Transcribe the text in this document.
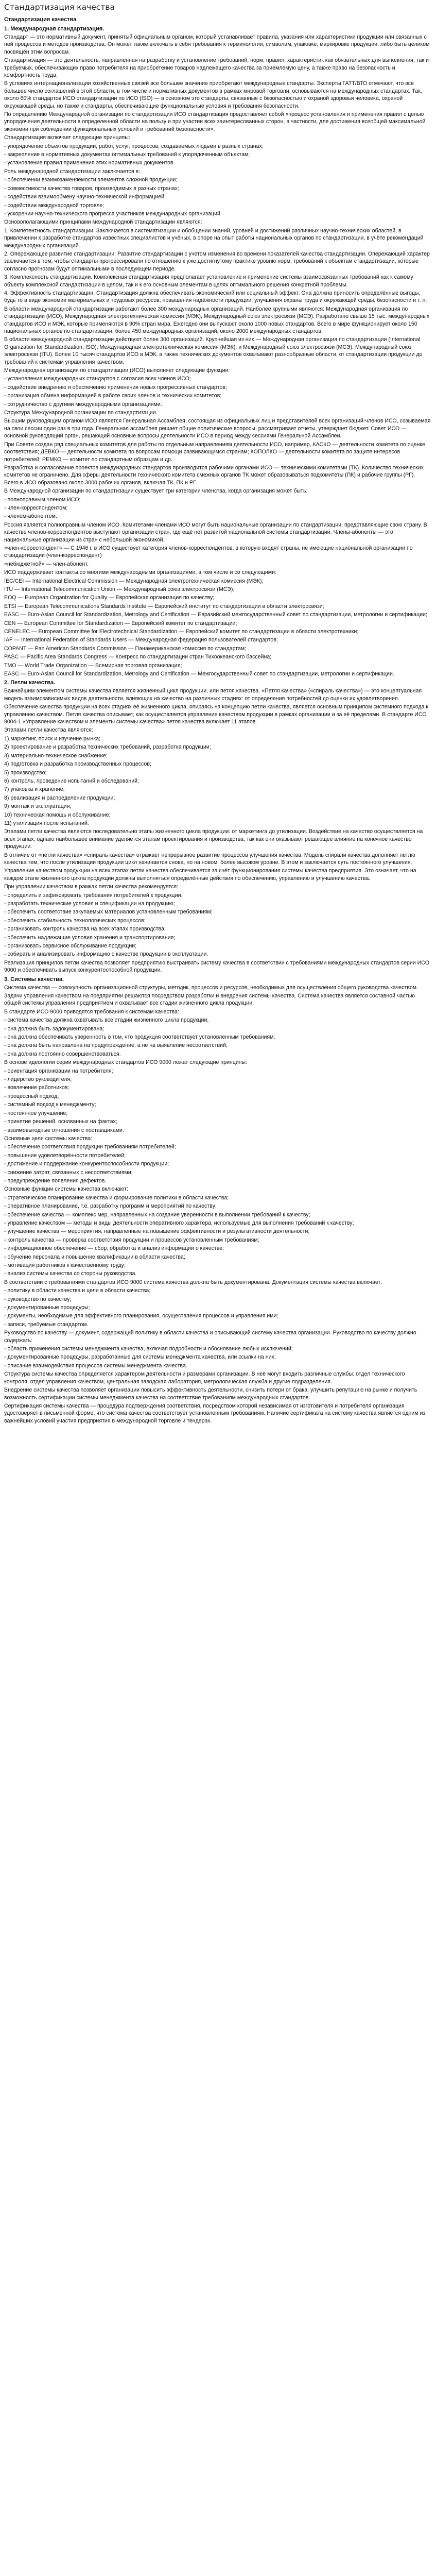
Стандартизация качества
Стандартизация качества
1. Международная стандартизация.

Стандарт — это нормативный документ, принятый официальным органом, который устанавливает правила, указания или характеристики продукции или связанных с ней процессов и методов производства. Он может также включать в себя требования к терминологии, символам, упаковке, маркировке продукции, либо быть целиком посвящён этим вопросам.

Стандартизация — это деятельность, направленная на разработку и установление требований, норм, правил, характеристик как обязательных для выполнения, так и требуемых, обеспечивающих право потребителя на приобретение товаров надлежащего качества за приемлемую цену, а также право на безопасность и комфортность труда.

В условиях интернационализации хозяйственных связей все большее значение приобретают международные стандарты. Эксперты ГАТТ/ВТО отмечают, что все большее число соглашений в этой области, в том числе и нормативных документов в рамках мировой торговли, основываются на международных стандартах. Так, около 60% стандартов ИСО стандартизации по ИСО (ISO) — в основном это стандарты, связанные с безопасностью и охраной здоровья человека, охраной окружающей среды, но также и стандарты, обеспечивающие функциональные условия и требования безопасности.

По определению Международной организации по стандартизации ИСО стандартизация предоставляет собой «процесс установления и применения правил с целью упорядочения деятельности в определенной области на пользу и при участии всех заинтересованных сторон, в частности, для достижения всеобщей максимальной экономии при соблюдении функциональных условий и требований безопасности».

Стандартизация включает следующие принципы:

- упорядочение объектов продукции, работ, услуг, процессов, создаваемых людьми в разных странах;

- закрепление в нормативных документах оптимальных требований к упорядоченным объектам;

- установление правил применения этих нормативных документов.

Роль международной стандартизации заключается в:

- обеспечении взаимозаменяемости элементов сложной продукции;

- совместимости качества товаров, производимых в разных странах;

- содействии взаимообмену научно-технической информацией;

- содействии международной торговле;

- ускорении научно-технического прогресса участников международных организаций.

Основополагающими принципами международной стандартизации являются:

1. Компетентность стандартизации. Заключается в систематизации и обобщении знаний, уровней и достижений различных научно-технических областей, в привлечении к разработке стандартов известных специалистов и учёных, в опоре на опыт работы национальных органов по стандартизации, в учёте рекомендаций международных организаций.

2. Опережающее развитие стандартизации. Развитие стандартизации с учетом изменения во времени показателей качества стандартизации. Опережающий характер заключается в том, чтобы стандарты прогрессировали по отношению к уже достигнутому практике уровню норм, требований к объектам стандартизации, которые согласно прогнозам будут оптимальными в последующем периоде.

3. Комплексность стандартизации. Комплексная стандартизация предполагает установление и применение системы взаимосвязанных требований как к самому объекту комплексной стандартизации в целом, так и к его основным элементам в целях оптимального решения конкретной проблемы.

4. Эффективность стандартизации. Стандартизация должна обеспечивать экономический или социальный эффект. Она должна приносить определённые выгоды, будь то в виде экономии материальных и трудовых ресурсов, повышения надёжности продукции, улучшения охраны труда и окружающей среды, безопасности и т. п.

В области международной стандартизации работают более 300 международных организаций. Наиболее крупными являются: Международная организация по стандартизации (ИСО), Международная электротехническая комиссия (МЭК), Международный союз электросвязи (МСЭ). Разработано свыше 15 тыс. международных стандартов ИСО и МЭК, которые применяются в 90% стран мира. Ежегодно они выпускают около 1000 новых стандартов. Всего в мире функционирует около 150 национальных органов по стандартизации, более 450 международных организаций, около 2000 международных стандартов.

В области международной стандартизации действуют более 300 организаций. Крупнейшая из них — Международная организация по стандартизации (International Organization for Standardization, ISO), Международная электротехническая комиссия (МЭК), и Международный союз электросвязи (МСЭ). Международный союз электросвязи (ITU). Более 10 тысяч стандартов ИСО и МЭК, а также технических документов охватывают разнообразные области, от стандартизации продукции до требований к системам управления качеством.

Международная организация по стандартизации (ИСО) выполняет следующие функции:

- установление международных стандартов с согласия всех членов ИСО;

- содействие внедрению и обеспечению применения новых прогрессивных стандартов;

- организация обмена информацией в работе своих членов и технических комитетов;

- сотрудничество с другими международными организациями.

Структура Международной организации по стандартизации.

Высшим руководящим органом ИСО является Генеральная Ассамблея, состоящая из официальных лиц и представителей всех организаций-членов ИСО, созываемая на свои сессии один раз в три года. Генеральная ассамблея решает общие политические вопросы, рассматривает отчеты, утверждает бюджет. Совет ИСО — основной руководящий орган, решающий основные вопросы деятельности ИСО в период между сессиями Генеральной Ассамблеи.

При Совете создан ряд специальных комитетов для работы по отдельным направлениям деятельности ИСО, например, КАСКО — деятельности комитета по оценке соответствия; ДЕВКО — деятельности комитета по вопросам помощи развивающимся странам; КОПОЛКО — деятельности комитета по защите интересов потребителей; РЕМКО — комитет по стандартным образцам и др.

Разработка и согласование проектов международных стандартов производится рабочими органами ИСО — техническими комитетами (ТК). Количество технических комитетов не ограничено. Для сферы деятельности технического комитета смежных органов ТК может образовываться подкомитеты (ПК) и рабочие группы (РГ). Всего в ИСО образовано около 3000 рабочих органов, включая ТК, ПК и РГ.

В Международной организации по стандартизации существует три категории членства, когда организация может быть:

- полноправным членом ИСО;

- член-корреспондентом;

- членом-абонентом.

Россия является полноправным членом ИСО. Комитетами-членами ИСО могут быть национальные организации по стандартизации, представляющие свою страну. В качестве членов-корреспондентов выступают организации стран, где ещё нет развитой национальной системы стандартизации. Члены-абоненты — это национальные организации из стран с небольшой экономикой.

«член-корреспондент» — С 1946 г. в ИСО существует категория членов-корреспондентов, в которую входят страны, не имеющие национальной организации по стандартизации (член-корреспондент)

«небюджетной» — член-абонент.

ИСО поддерживает контакты со многими международными организациями, в том числе и со следующими:

IEC/CEI — International Electrical Commission — Международная электротехническая комиссия (МЭК);

ITU — International Telecommunication Union — Международный союз электросвязи (МСЭ);

EOQ — European Organization for Quality — Европейская организация по качеству;

ETSI — European Telecommunications Standards Institute — Европейский институт по стандартизации в области электросвязи;

EASC — Euro-Asian Council for Standardization, Metrology and Certification — Евразийский межгосударственный совет по стандартизации, метрологии и сертификации;

CEN — European Committee for Standardization — Европейский комитет по стандартизации;

CENELEC — European Committee for Electrotechnical Standardization — Европейский комитет по стандартизации в области электротехники;

IAF — International Federation of Standards Users — Международная федерация пользователей стандартов;

COPANT — Pan American Standards Commission — Панамериканская комиссия по стандартам;

PASC — Pacific Area Standards Congress — Конгресс по стандартизации стран Тихоокеанского бассейна;

TMO — World Trade Organization — Всемирная торговая организация;

EASC — Euro-Asian Council for Standardization, Metrology and Certification — Межгосударственный совет по стандартизации, метрологии и сертификации.

2. Петли качества.

Важнейшим элементом системы качества является жизненный цикл продукции, или петля качества. «Петля качества» («спираль качества») — это концептуальная модель взаимозависимых видов деятельности, влияющих на качество на различных стадиях: от определения потребностей до оценки их удовлетворения.

Обеспечение качества продукции на всех стадиях её жизненного цикла, опираясь на концепцию петли качества, является основным принципом системного подхода к управлению качеством. Петля качества описывает, как осуществляется управление качеством продукции в рамках организации и за её пределами. В стандарте ИСО 9004-1 «Управление качеством и элементы системы качества» петля качества включает 11 этапов.

Этапами петли качества являются:

1) маркетинг, поиск и изучение рынка;

2) проектирование и разработка технических требований, разработка продукции;

3) материально-техническое снабжение;

4) подготовка и разработка производственных процессов;

5) производство;

6) контроль, проведение испытаний и обследований;

7) упаковка и хранение;

8) реализация и распределение продукции;

9) монтаж и эксплуатация;

10) техническая помощь и обслуживание;

11) утилизация после испытаний.

Этапами петли качества являются последовательно этапы жизненного цикла продукции: от маркетинга до утилизации. Воздействие на качество осуществляется на всех этапах, однако наибольшее внимание уделяется этапам проектирования и производства, так как они оказывают решающее влияние на конечное качество продукции.

В отличие от «петли качества» «спираль качества» отражает непрерывное развитие процессов улучшения качества. Модель спирали качества дополняет петлю качества тем, что после утилизации продукции цикл начинается снова, но на новом, более высоком уровне. В этом и заключается суть постоянного улучшения.

Управление качеством продукции на всех этапах петли качества обеспечивается за счёт функционирования системы качества предприятия. Это означает, что на каждом этапе жизненного цикла продукции должны выполняться определённые действия по обеспечению, управлению и улучшению качества.

При управлении качеством в рамках петли качества рекомендуется:

- определить и зафиксировать требования потребителей к продукции;

- разработать технические условия и спецификации на продукцию;

- обеспечить соответствие закупаемых материалов установленным требованиям;

- обеспечить стабильность технологических процессов;

- организовать контроль качества на всех этапах производства;

- обеспечить надлежащие условия хранения и транспортирования;

- организовать сервисное обслуживание продукции;

- собирать и анализировать информацию о качестве продукции в эксплуатации.

Реализация принципов петли качества позволяет предприятию выстраивать систему качества в соответствии с требованиями международных стандартов серии ИСО 9000 и обеспечивать выпуск конкурентоспособной продукции.

3. Системы качества.

Система качества — совокупность организационной структуры, методик, процессов и ресурсов, необходимых для осуществления общего руководства качеством.

Задачи управления качеством на предприятии решаются посредством разработки и внедрения системы качества. Система качества является составной частью общей системы управления предприятием и охватывает все стадии жизненного цикла продукции.

В стандарте ИСО 9000 приводятся требования к системам качества:

- система качества должна охватывать все стадии жизненного цикла продукции;

- она должна быть задокументирована;

- она должна обеспечивать уверенность в том, что продукция соответствует установленным требованиям;

- она должна быть направлена на предупреждение, а не на выявление несоответствий;

- она должна постоянно совершенствоваться.

В основе идеологии серии международных стандартов ИСО 9000 лежат следующие принципы:

- ориентация организации на потребителя;

- лидерство руководителя;

- вовлечение работников;

- процессный подход;

- системный подход к менеджменту;

- постоянное улучшение;

- принятие решений, основанных на фактах;

- взаимовыгодные отношения с поставщиками.

Основные цели системы качества:

- обеспечение соответствия продукции требованиям потребителей;

- повышение удовлетворённости потребителей;

- достижение и поддержание конкурентоспособности продукции;

- снижение затрат, связанных с несоответствиями;

- предупреждение появления дефектов.

Основные функции системы качества включают:

- стратегическое планирование качества и формирование политики в области качества;

- оперативное планирование, т.е. разработку программ и мероприятий по качеству;

- обеспечение качества — комплекс мер, направленных на создание уверенности в выполнении требований к качеству;

- управление качеством — методы и виды деятельности оперативного характера, используемые для выполнения требований к качеству;

- улучшение качества — мероприятия, направленные на повышение эффективности и результативности деятельности;

- контроль качества — проверка соответствия продукции и процессов установленным требованиям;

- информационное обеспечение — сбор, обработка и анализ информации о качестве;

- обучение персонала и повышение квалификации в области качества;

- мотивация работников к качественному труду;

- анализ системы качества со стороны руководства.

В соответствии с требованиями стандартов ИСО 9000 система качества должна быть документирована. Документация системы качества включает:

- политику в области качества и цели в области качества;

- руководство по качеству;

- документированные процедуры;

- документы, необходимые для эффективного планирования, осуществления процессов и управления ими;

- записи, требуемые стандартом.

Руководство по качеству — документ, содержащий политику в области качества и описывающий систему качества организации. Руководство по качеству должно содержать:

- область применения системы менеджмента качества, включая подробности и обоснование любых исключений;

- документированные процедуры, разработанные для системы менеджмента качества, или ссылки на них;

- описание взаимодействия процессов системы менеджмента качества.

Структура системы качества определяется характером деятельности и размерами организации. В неё могут входить различные службы: отдел технического контроля, отдел управления качеством, центральная заводская лаборатория, метрологическая служба и другие подразделения.

Внедрение системы качества позволяет организации повысить эффективность деятельности, снизить потери от брака, улучшить репутацию на рынке и получить возможность сертификации системы менеджмента качества на соответствие требованиям международных стандартов.

Сертификация системы качества — процедура подтверждения соответствия, посредством которой независимая от изготовителя и потребителя организация удостоверяет в письменной форме, что система качества соответствует установленным требованиям. Наличие сертификата на систему качества является одним из важнейших условий участия предприятия в международной торговле и тендерах.
